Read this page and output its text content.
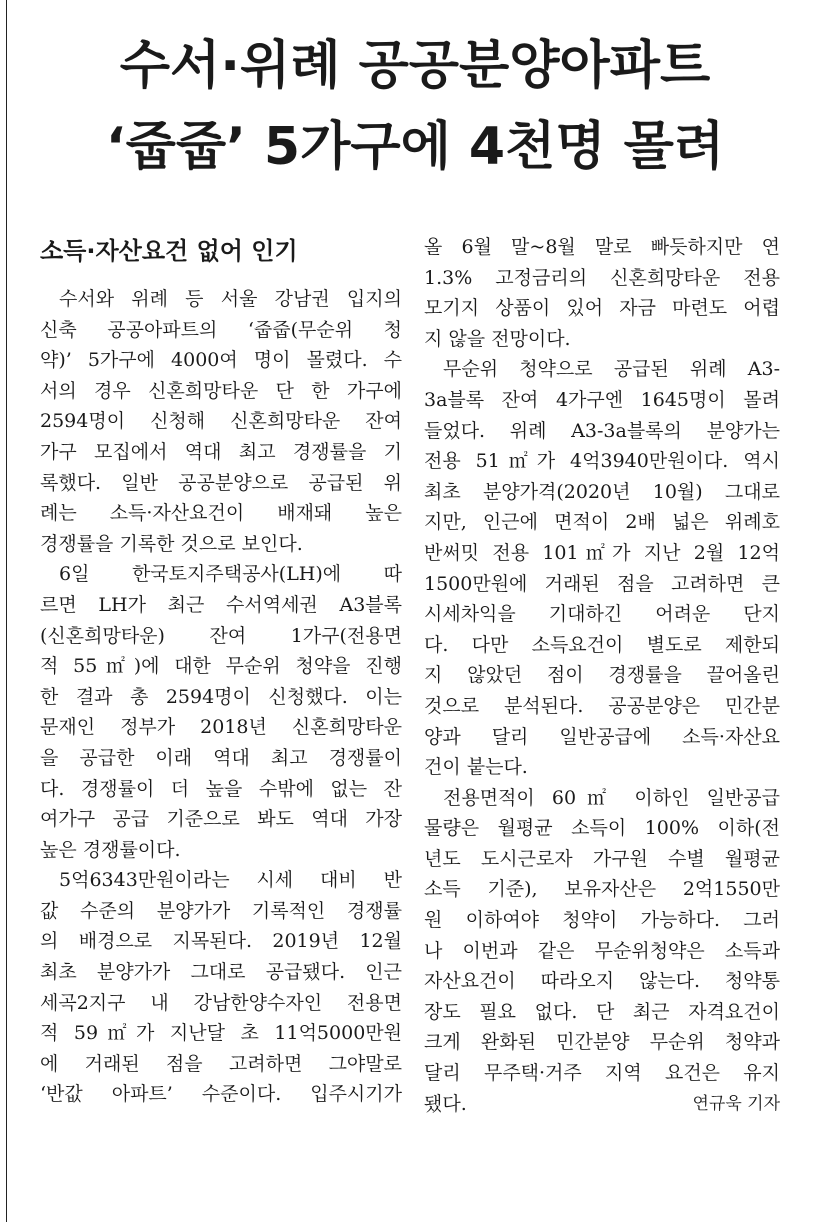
수서·위례 공공분양아파트
‘줍줍’ 5가구에 4천명 몰려
소득·자산요건 없어 인기
수서와 위례 등 서울 강남권 입지의
신축 공공아파트의 ‘줍줍(무순위 청
약)’ 5가구에 4000여 명이 몰렸다. 수
서의 경우 신혼희망타운 단 한 가구에
2594명이 신청해 신혼희망타운 잔여
가구 모집에서 역대 최고 경쟁률을 기
록했다. 일반 공공분양으로 공급된 위
례는 소득·자산요건이 배재돼 높은
경쟁률을 기록한 것으로 보인다.
6일 한국토지주택공사(LH)에 따
르면 LH가 최근 수서역세권 A3블록
(신혼희망타운) 잔여 1가구(전용면
적 55㎡)에 대한 무순위 청약을 진행
한 결과 총 2594명이 신청했다. 이는
문재인 정부가 2018년 신혼희망타운
을 공급한 이래 역대 최고 경쟁률이
다. 경쟁률이 더 높을 수밖에 없는 잔
여가구 공급 기준으로 봐도 역대 가장
높은 경쟁률이다.
5억6343만원이라는 시세 대비 반
값 수준의 분양가가 기록적인 경쟁률
의 배경으로 지목된다. 2019년 12월
최초 분양가가 그대로 공급됐다. 인근
세곡2지구 내 강남한양수자인 전용면
적 59㎡가 지난달 초 11억5000만원
에 거래된 점을 고려하면 그야말로
‘반값 아파트’ 수준이다. 입주시기가
올 6월 말~8월 말로 빠듯하지만 연
1.3% 고정금리의 신혼희망타운 전용
모기지 상품이 있어 자금 마련도 어렵
지 않을 전망이다.
무순위 청약으로 공급된 위례 A3-
3a블록 잔여 4가구엔 1645명이 몰려
들었다. 위례 A3-3a블록의 분양가는
전용 51㎡가 4억3940만원이다. 역시
최초 분양가격(2020년 10월) 그대로
지만, 인근에 면적이 2배 넓은 위례호
반써밋 전용 101㎡가 지난 2월 12억
1500만원에 거래된 점을 고려하면 큰
시세차익을 기대하긴 어려운 단지
다. 다만 소득요건이 별도로 제한되
지 않았던 점이 경쟁률을 끌어올린
것으로 분석된다. 공공분양은 민간분
양과 달리 일반공급에 소득·자산요
건이 붙는다.
전용면적이 60㎡ 이하인 일반공급
물량은 월평균 소득이 100% 이하(전
년도 도시근로자 가구원 수별 월평균
소득 기준), 보유자산은 2억1550만
원 이하여야 청약이 가능하다. 그러
나 이번과 같은 무순위청약은 소득과
자산요건이 따라오지 않는다. 청약통
장도 필요 없다. 단 최근 자격요건이
크게 완화된 민간분양 무순위 청약과
달리 무주택·거주 지역 요건은 유지
됐다.	연규욱 기자
